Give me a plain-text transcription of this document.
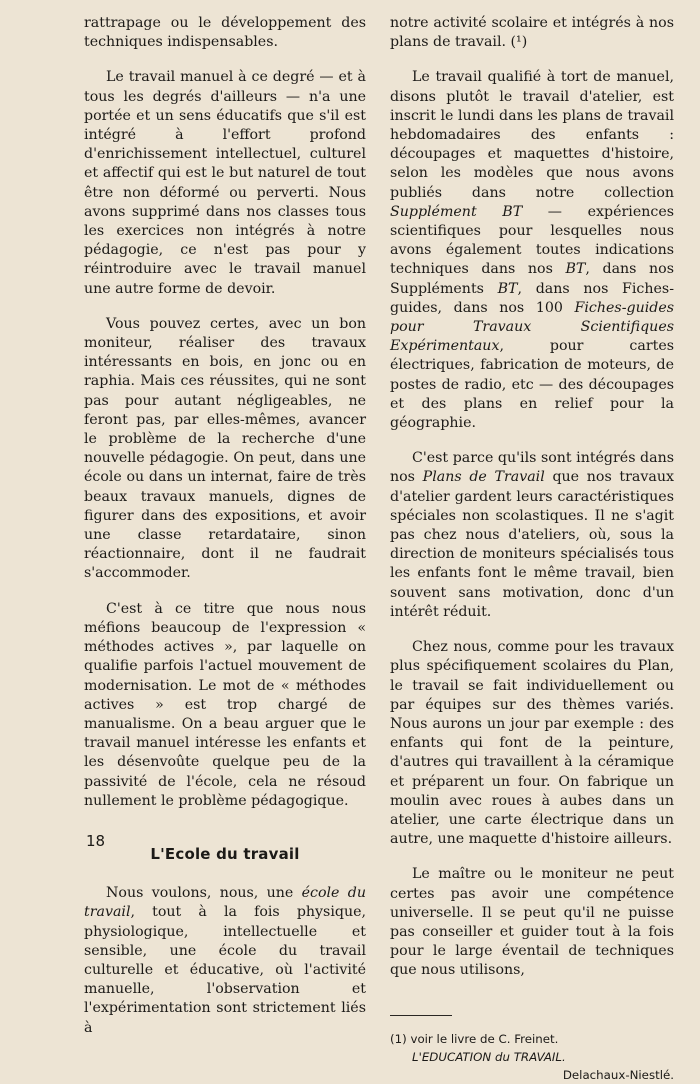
rattrapage ou le développement des techniques indispensables.

Le travail manuel à ce degré — et à tous les degrés d'ailleurs — n'a une portée et un sens éducatifs que s'il est intégré à l'effort profond d'enrichissement intellectuel, culturel et affectif qui est le but naturel de tout être non déformé ou perverti. Nous avons supprimé dans nos classes tous les exercices non intégrés à notre pédagogie, ce n'est pas pour y réintroduire avec le travail manuel une autre forme de devoir.

Vous pouvez certes, avec un bon moniteur, réaliser des travaux intéressants en bois, en jonc ou en raphia. Mais ces réussites, qui ne sont pas pour autant négligeables, ne feront pas, par elles-mêmes, avancer le problème de la recherche d'une nouvelle pédagogie. On peut, dans une école ou dans un internat, faire de très beaux travaux manuels, dignes de figurer dans des expositions, et avoir une classe retardataire, sinon réactionnaire, dont il ne faudrait s'accommoder.

C'est à ce titre que nous nous méfions beaucoup de l'expression « méthodes actives », par laquelle on qualifie parfois l'actuel mouvement de modernisation. Le mot de « méthodes actives » est trop chargé de manualisme. On a beau arguer que le travail manuel intéresse les enfants et les désenvoûte quelque peu de la passivité de l'école, cela ne résoud nullement le problème pédagogique.

L'Ecole du travail

Nous voulons, nous, une école du travail, tout à la fois physique, physiologique, intellectuelle et sensible, une école du travail culturelle et éducative, où l'activité manuelle, l'observation et l'expérimentation sont strictement liés à

notre activité scolaire et intégrés à nos plans de travail. (¹)

Le travail qualifié à tort de manuel, disons plutôt le travail d'atelier, est inscrit le lundi dans les plans de travail hebdomadaires des enfants : découpages et maquettes d'histoire, selon les modèles que nous avons publiés dans notre collection Supplément BT — expériences scientifiques pour lesquelles nous avons également toutes indications techniques dans nos BT, dans nos Suppléments BT, dans nos Fiches-guides, dans nos 100 Fiches-guides pour Travaux Scientifiques Expérimentaux, pour cartes électriques, fabrication de moteurs, de postes de radio, etc — des découpages et des plans en relief pour la géographie.

C'est parce qu'ils sont intégrés dans nos Plans de Travail que nos travaux d'atelier gardent leurs caractéristiques spéciales non scolastiques. Il ne s'agit pas chez nous d'ateliers, où, sous la direction de moniteurs spécialisés tous les enfants font le même travail, bien souvent sans motivation, donc d'un intérêt réduit.

Chez nous, comme pour les travaux plus spécifiquement scolaires du Plan, le travail se fait individuellement ou par équipes sur des thèmes variés. Nous aurons un jour par exemple : des enfants qui font de la peinture, d'autres qui travaillent à la céramique et préparent un four. On fabrique un moulin avec roues à aubes dans un atelier, une carte électrique dans un autre, une maquette d'histoire ailleurs.

Le maître ou le moniteur ne peut certes pas avoir une compétence universelle. Il se peut qu'il ne puisse pas conseiller et guider tout à la fois pour le large éventail de techniques que nous utilisons,

(1) voir le livre de C. Freinet.
L'EDUCATION du TRAVAIL.
Delachaux-Niestlé.
18
